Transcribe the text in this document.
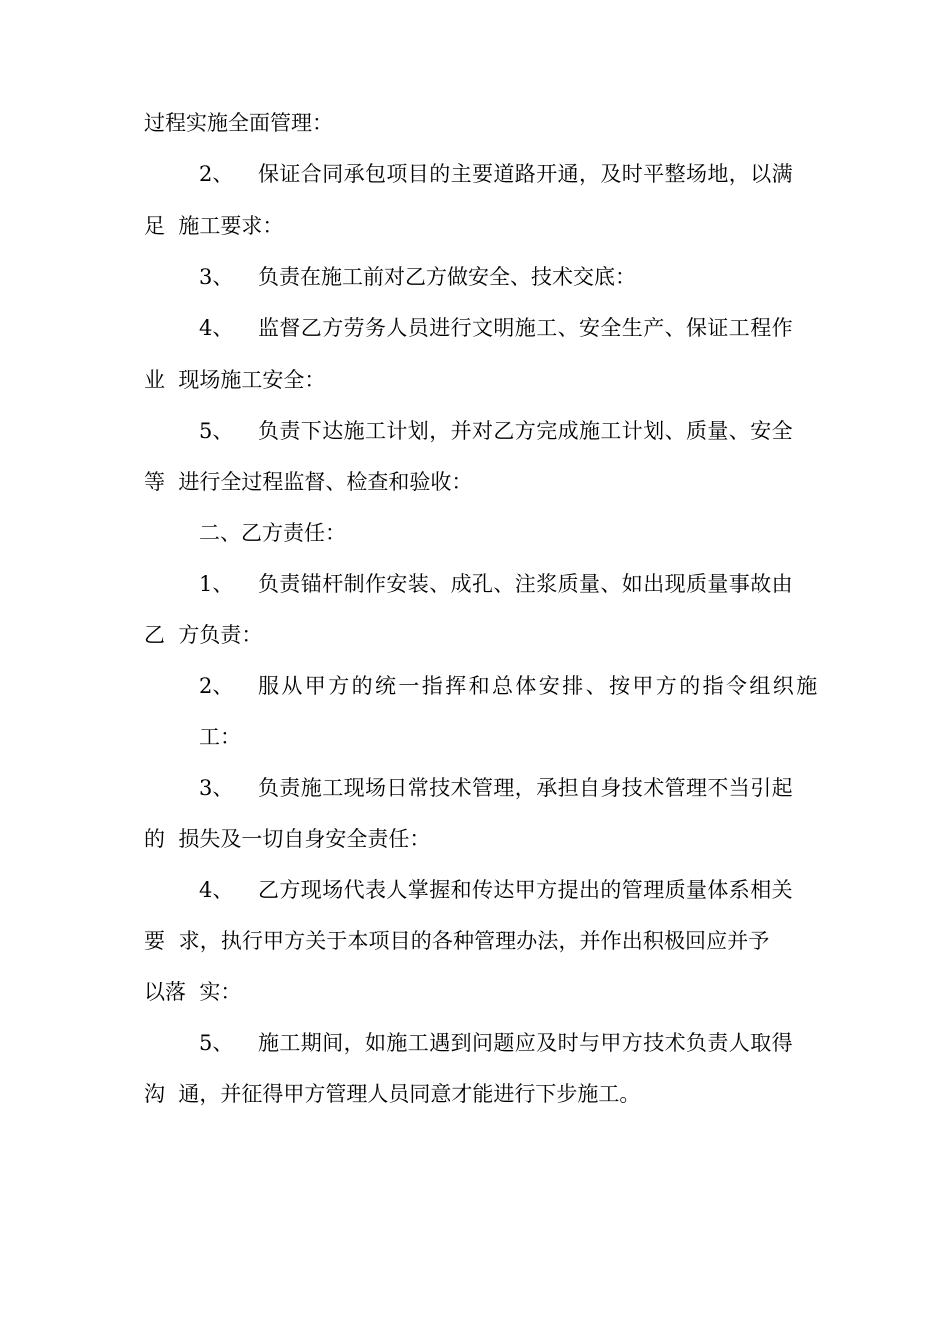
过程实施全面管理：

2、 保证合同承包项目的主要道路开通，及时平整场地，以满

足  施工要求：

3、 负责在施工前对乙方做安全、技术交底：

4、 监督乙方劳务人员进行文明施工、安全生产、保证工程作

业  现场施工安全：

5、 负责下达施工计划，并对乙方完成施工计划、质量、安全

等  进行全过程监督、检查和验收：

二、乙方责任：

1、 负责锚杆制作安装、成孔、注浆质量、如出现质量事故由

乙  方负责：

2、 服从甲方的统一指挥和总体安排、按甲方的指令组织施

工：

3、 负责施工现场日常技术管理，承担自身技术管理不当引起

的  损失及一切自身安全责任：

4、 乙方现场代表人掌握和传达甲方提出的管理质量体系相关

要  求，执行甲方关于本项目的各种管理办法，并作出积极回应并予

以落  实：

5、 施工期间，如施工遇到问题应及时与甲方技术负责人取得

沟  通，并征得甲方管理人员同意才能进行下步施工。
